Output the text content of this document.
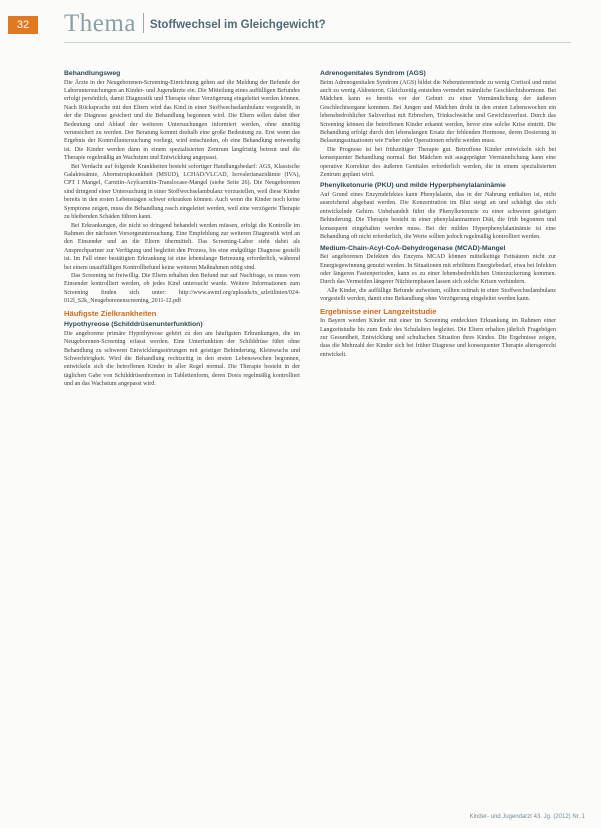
32	Thema Stoffwechsel im Gleichgewicht?
Behandlungsweg

Die Ärzte in der Neugeborenen-Screening-Einrichtung gehen auf die Meldung der Befunde der Laboruntersuchungen an Kinder- und Jugendärzte ein. Die Mitteilung eines auffälligen Befundes erfolgt persönlich, damit Diagnostik und Therapie ohne Verzögerung eingeleitet werden können. Nach Rücksprache mit den Eltern wird das Kind in einer Stoffwechselambulanz vorgestellt, in der die Diagnose gesichert und die Behandlung begonnen wird. Die Eltern sollen dabei über Bedeutung und Ablauf der weiteren Untersuchungen informiert werden, ohne unnötig verunsichert zu werden. Der Beratung kommt deshalb eine große Bedeutung zu. Erst wenn das Ergebnis der Kontrolluntersuchung vorliegt, wird entschieden, ob eine Behandlung notwendig ist. Die Kinder werden dann in einem spezialisierten Zentrum langfristig betreut und die Therapie regelmäßig an Wachstum und Entwicklung angepasst.

Bei Verdacht auf folgende Krankheiten besteht sofortiger Handlungsbedarf: AGS, Klassische Galaktosämie, Ahornsirupkrankheit (MSUD), LCHAD/VLCAD, Isovalerianazidämie (IVA), CPT I Mangel, Carnitin-Acylcarnitin-Translocase-Mangel (siehe Seite 26). Die Neugeborenen sind dringend einer Untersuchung in einer Stoffwechselambulanz vorzustellen, weil diese Kinder bereits in den ersten Lebenstagen schwer erkranken können. Auch wenn die Kinder noch keine Symptome zeigen, muss die Behandlung rasch eingeleitet werden, weil eine verzögerte Therapie zu bleibenden Schäden führen kann.

Bei Erkrankungen, die nicht so dringend behandelt werden müssen, erfolgt die Kontrolle im Rahmen der nächsten Vorsorgeuntersuchung. Eine Empfehlung zur weiteren Diagnostik wird an den Einsender und an die Eltern übermittelt. Das Screening-Labor steht dabei als Ansprechpartner zur Verfügung und begleitet den Prozess, bis eine endgültige Diagnose gestellt ist. Im Fall einer bestätigten Erkrankung ist eine lebenslange Betreuung erforderlich, während bei einem unauffälligen Kontrollbefund keine weiteren Maßnahmen nötig sind.

Das Screening ist freiwillig. Die Eltern erhalten den Befund nur auf Nachfrage, es muss vom Einsender kontrolliert werden, ob jedes Kind untersucht wurde. Weitere Informationen zum Screening finden sich unter: http://www.awmf.org/uploads/tx_szleitlinien/024-012l_S2k_Neugeborenenscreening_2011-12.pdf

Häufigste Zielkrankheiten
Hypothyreose (Schilddrüsenunterfunktion)

Die angeborene primäre Hypothyreose gehört zu den am häufigsten Erkrankungen, die im Neugeborenen-Screening erfasst werden. Eine Unterfunktion der Schilddrüse führt ohne Behandlung zu schweren Entwicklungsstörungen mit geistiger Behinderung, Kleinwuchs und Schwerhörigkeit. Wird die Behandlung rechtzeitig in den ersten Lebenswochen begonnen, entwickeln sich die betroffenen Kinder in aller Regel normal. Die Therapie besteht in der täglichen Gabe von Schilddrüsenhormon in Tablettenform, deren Dosis regelmäßig kontrolliert und an das Wachstum angepasst wird.

Adrenogenitales Syndrom (AGS)

Beim Adrenogenitalen Syndrom (AGS) bildet die Nebennierenrinde zu wenig Cortisol und meist auch zu wenig Aldosteron. Gleichzeitig entstehen vermehrt männliche Geschlechtshormone. Bei Mädchen kann es bereits vor der Geburt zu einer Vermännlichung der äußeren Geschlechtsorgane kommen. Bei Jungen und Mädchen droht in den ersten Lebenswochen ein lebensbedrohlicher Salzverlust mit Erbrechen, Trinkschwäche und Gewichtsverlust. Durch das Screening können die betroffenen Kinder erkannt werden, bevor eine solche Krise eintritt. Die Behandlung erfolgt durch den lebenslangen Ersatz der fehlenden Hormone, deren Dosierung in Belastungssituationen wie Fieber oder Operationen erhöht werden muss.

Die Prognose ist bei frühzeitiger Therapie gut. Betroffene Kinder entwickeln sich bei konsequenter Behandlung normal. Bei Mädchen mit ausgeprägter Vermännlichung kann eine operative Korrektur des äußeren Genitales erforderlich werden, die in einem spezialisierten Zentrum geplant wird.

Phenylketonurie (PKU) und milde Hyperphenylalaninämie

Auf Grund eines Enzymdefektes kann Phenylalanin, das in der Nahrung enthalten ist, nicht ausreichend abgebaut werden. Die Konzentration im Blut steigt an und schädigt das sich entwickelnde Gehirn. Unbehandelt führt die Phenylketonurie zu einer schweren geistigen Behinderung. Die Therapie besteht in einer phenylalaninarmen Diät, die früh begonnen und konsequent eingehalten werden muss. Bei der milden Hyperphenylalaninämie ist eine Behandlung oft nicht erforderlich, die Werte sollten jedoch regelmäßig kontrolliert werden.

Medium-Chain-Acyl-CoA-Dehydrogenase (MCAD)-Mangel

Bei angeborenen Defekten des Enzyms MCAD können mittelkettige Fettsäuren nicht zur Energiegewinnung genutzt werden. In Situationen mit erhöhtem Energiebedarf, etwa bei Infekten oder längeren Fastenperioden, kann es zu einer lebensbedrohlichen Unterzuckerung kommen. Durch das Vermeiden längerer Nüchternphasen lassen sich solche Krisen verhindern.

Alle Kinder, die auffällige Befunde aufweisen, sollten zeitnah in einer Stoffwechselambulanz vorgestellt werden, damit eine Behandlung ohne Verzögerung eingeleitet werden kann.

Ergebnisse einer Langzeitstudie

In Bayern werden Kinder mit einer im Screening entdeckten Erkrankung im Rahmen einer Langzeitstudie bis zum Ende des Schulalters begleitet. Die Eltern erhalten jährlich Fragebögen zur Gesundheit, Entwicklung und schulischen Situation ihres Kindes. Die Ergebnisse zeigen, dass die Mehrzahl der Kinder sich bei früher Diagnose und konsequenter Therapie altersgerecht entwickelt.

Kinder- und Jugendarzt 43. Jg. (2012) Nr. 1
